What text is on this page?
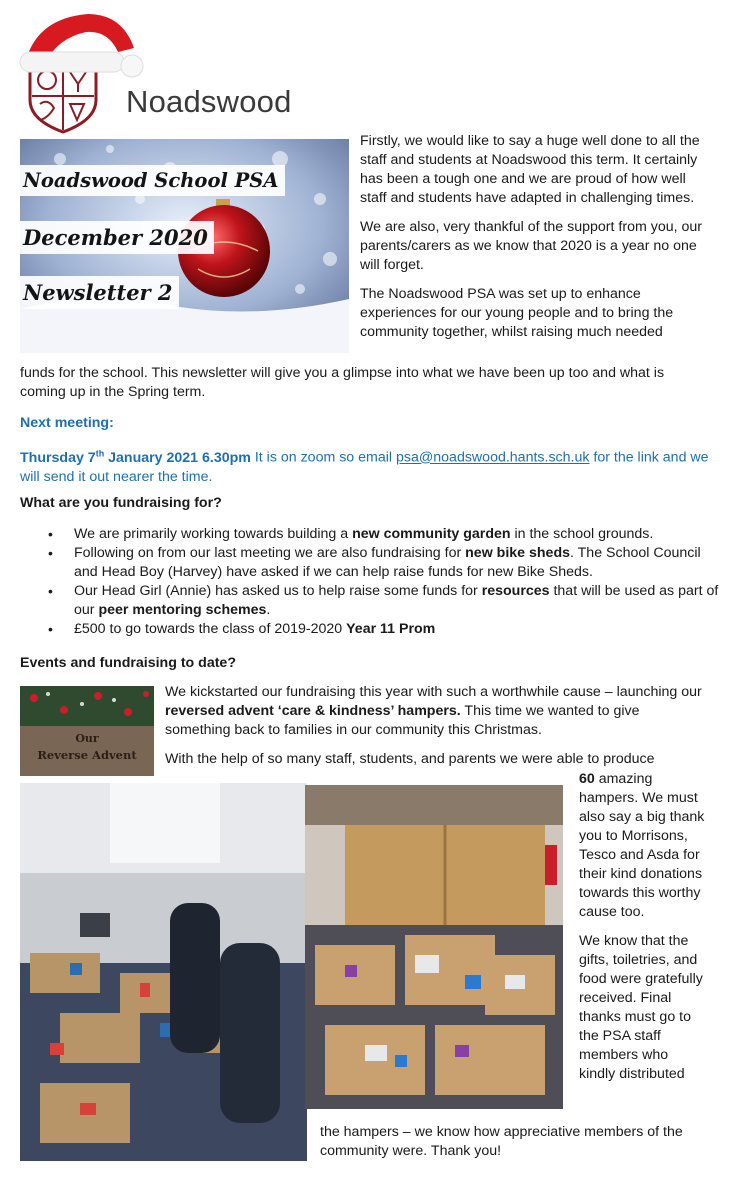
Noadswood
Noadswood School PSA
December 2020
Newsletter 2

Firstly, we would like to say a huge well done to all the staff and students at Noadswood this term. It certainly has been a tough one and we are proud of how well staff and students have adapted in challenging times.

We are also, very thankful of the support from you, our parents/carers as we know that 2020 is a year no one will forget.

The Noadswood PSA was set up to enhance experiences for our young people and to bring the community together, whilst raising much needed

funds for the school. This newsletter will give you a glimpse into what we have been up too and what is coming up in the Spring term.
Next meeting:

Thursday 7th January 2021 6.30pm It is on zoom so email psa@noadswood.hants.sch.uk for the link and we will send it out nearer the time.

What are you fundraising for?
• We are primarily working towards building a new community garden in the school grounds.
• Following on from our last meeting we are also fundraising for new bike sheds. The School Council and Head Boy (Harvey) have asked if we can help raise funds for new Bike Sheds.
• Our Head Girl (Annie) has asked us to help raise some funds for resources that will be used as part of our peer mentoring schemes.
• £500 to go towards the class of 2019-2020 Year 11 Prom
Events and fundraising to date?
Our
Reverse Advent

We kickstarted our fundraising this year with such a worthwhile cause – launching our reversed advent ‘care & kindness’ hampers. This time we wanted to give something back to families in our community this Christmas.

With the help of so many staff, students, and parents we were able to produce

60 amazing hampers. We must also say a big thank you to Morrisons, Tesco and Asda for their kind donations towards this worthy cause too.

We know that the gifts, toiletries, and food were gratefully received. Final thanks must go to the PSA staff members who kindly distributed

the hampers – we know how appreciative members of the community were. Thank you!
